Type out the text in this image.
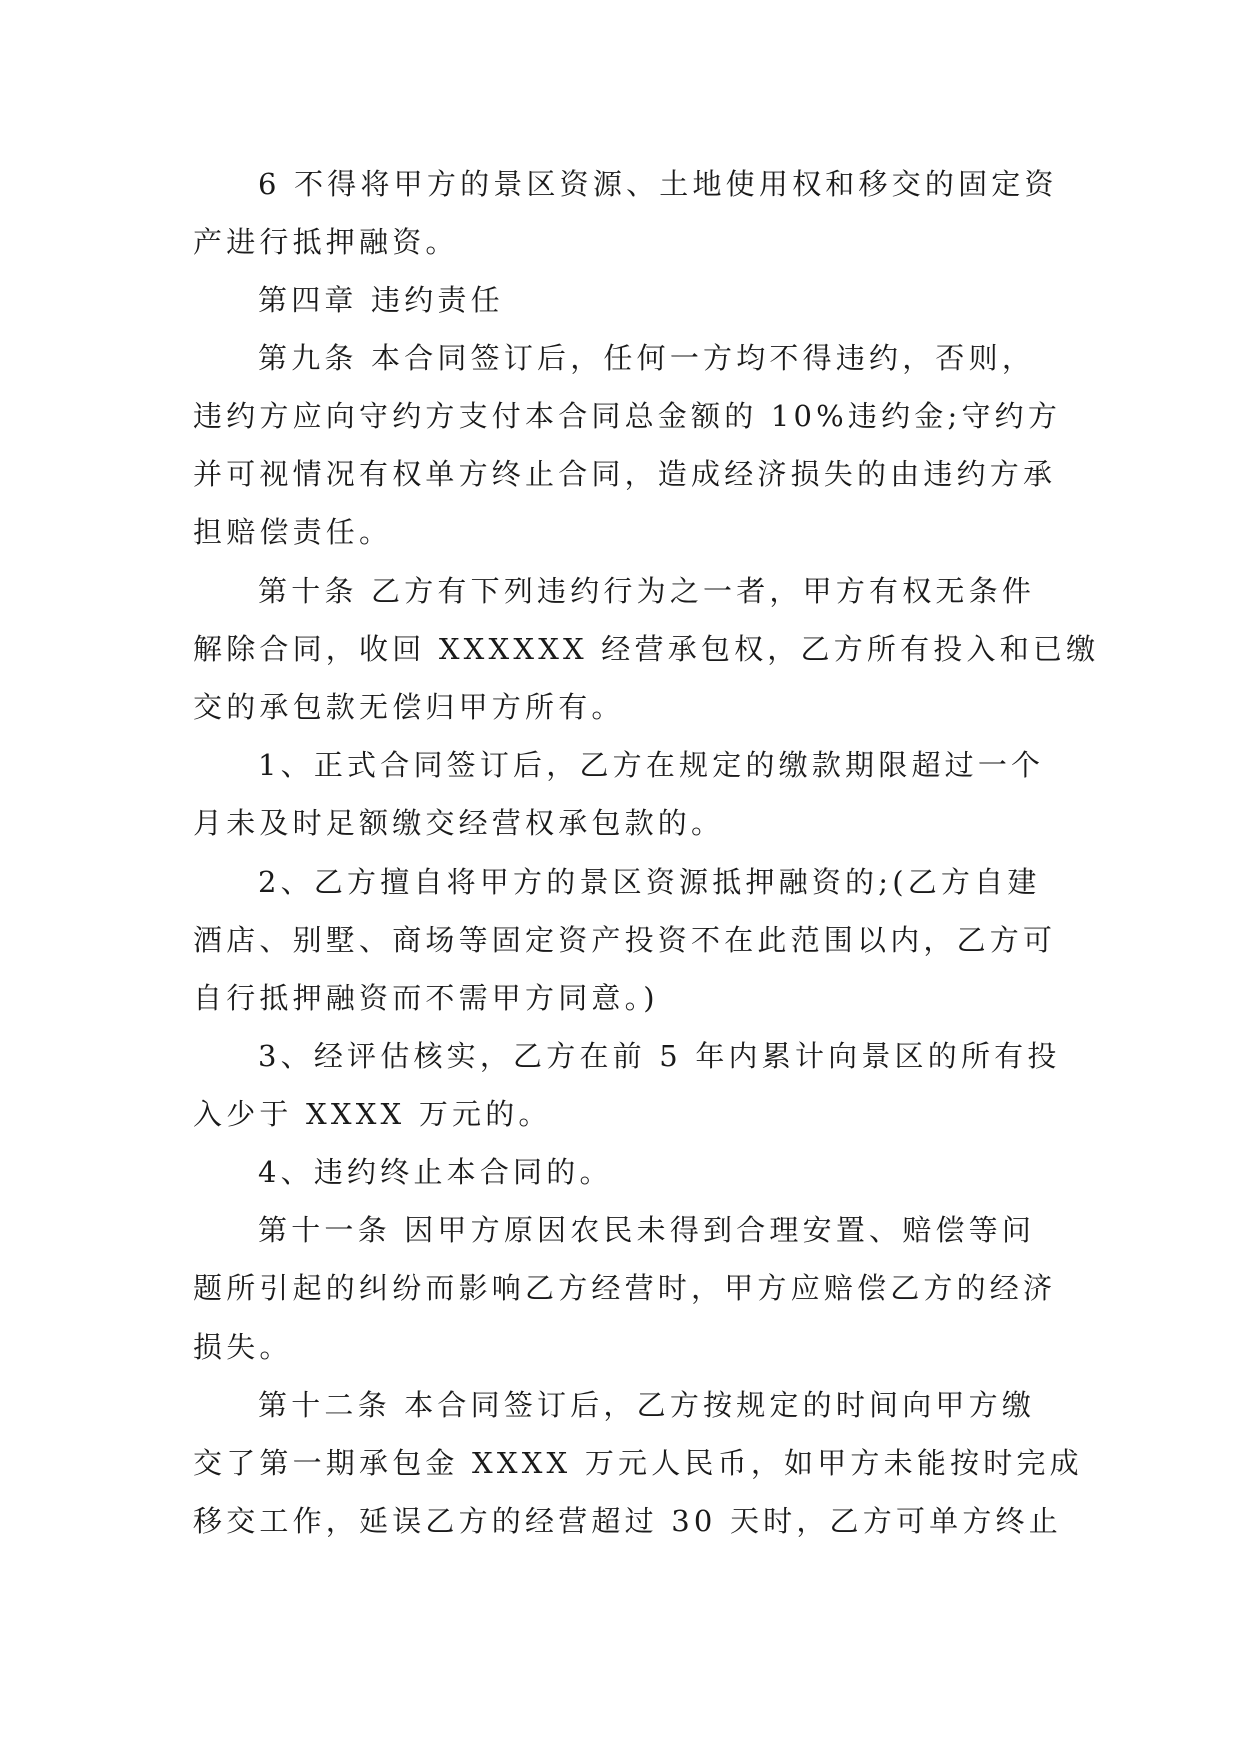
6 不得将甲方的景区资源、土地使用权和移交的固定资
产进行抵押融资。
第四章 违约责任
第九条 本合同签订后，任何一方均不得违约，否则，
违约方应向守约方支付本合同总金额的 10%违约金;守约方
并可视情况有权单方终止合同，造成经济损失的由违约方承
担赔偿责任。
第十条 乙方有下列违约行为之一者，甲方有权无条件
解除合同，收回 XXXXXX 经营承包权，乙方所有投入和已缴
交的承包款无偿归甲方所有。
1、正式合同签订后，乙方在规定的缴款期限超过一个
月未及时足额缴交经营权承包款的。
2、乙方擅自将甲方的景区资源抵押融资的;(乙方自建
酒店、别墅、商场等固定资产投资不在此范围以内，乙方可
自行抵押融资而不需甲方同意。)
3、经评估核实，乙方在前 5 年内累计向景区的所有投
入少于 XXXX 万元的。
4、违约终止本合同的。
第十一条 因甲方原因农民未得到合理安置、赔偿等问
题所引起的纠纷而影响乙方经营时，甲方应赔偿乙方的经济
损失。
第十二条 本合同签订后，乙方按规定的时间向甲方缴
交了第一期承包金 XXXX 万元人民币，如甲方未能按时完成
移交工作，延误乙方的经营超过 30 天时，乙方可单方终止
